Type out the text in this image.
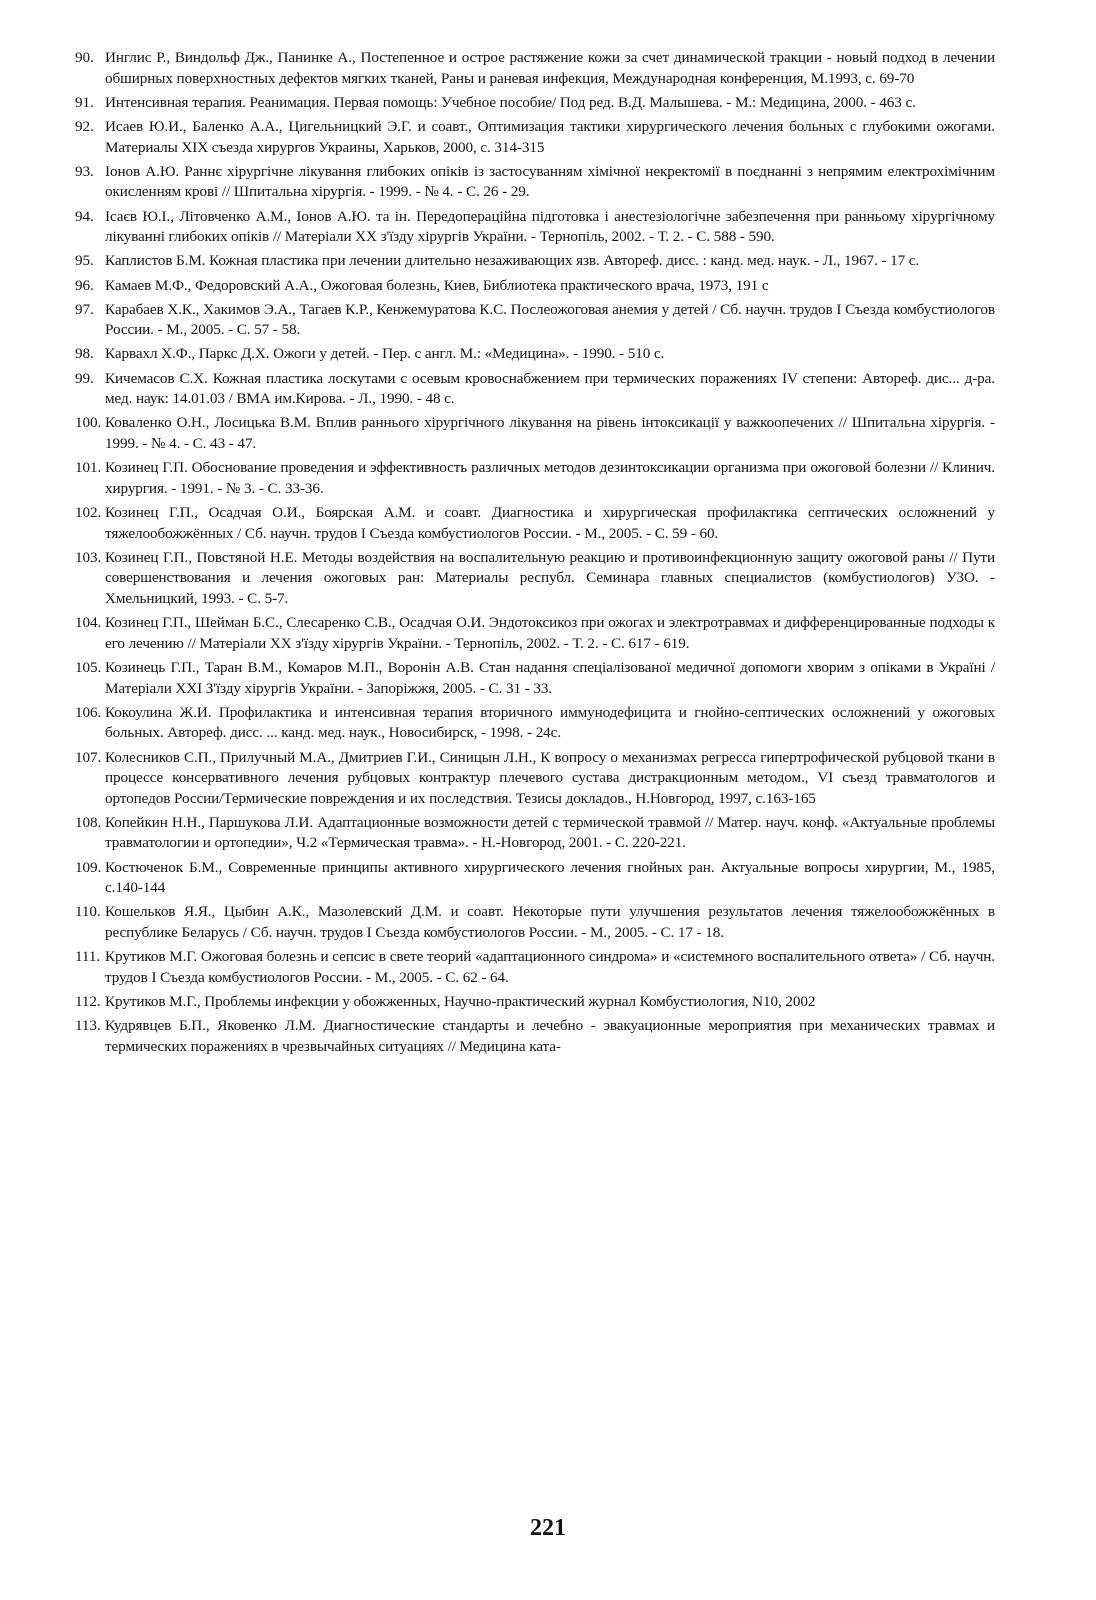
90. Инглис Р., Виндольф Дж., Панинке А., Постепенное и острое растяжение кожи за счет динамической тракции - новый подход в лечении обширных поверхностных дефектов мягких тканей, Раны и раневая инфекция, Международная конференция, М.1993, с. 69-70
91. Интенсивная терапия. Реанимация. Первая помощь: Учебное пособие/ Под ред. В.Д. Малышева. - М.: Медицина, 2000. - 463 с.
92. Исаев Ю.И., Баленко А.А., Цигельницкий Э.Г. и соавт., Оптимизация тактики хирургического лечения больных с глубокими ожогами. Материалы XIX съезда хирургов Украины, Харьков, 2000, с. 314-315
93. Іонов А.Ю. Раннє хірургічне лікування глибоких опіків із застосуванням хімічної некректомії в поєднанні з непрямим електрохімічним окисленням крові // Шпитальна хірургія. - 1999. - № 4. - С. 26 - 29.
94. Ісаєв Ю.І., Літовченко А.М., Іонов А.Ю. та ін. Передопераційна підготовка і анестезіологічне забезпечення при ранньому хірургічному лікуванні глибоких опіків // Матеріали ХХ з'їзду хірургів України. - Тернопіль, 2002. - Т. 2. - С. 588 - 590.
95. Каплистов Б.М. Кожная пластика при лечении длительно незаживающих язв. Автореф. дисс. : канд. мед. наук. - Л., 1967. - 17 с.
96. Камаев М.Ф., Федоровский А.А., Ожоговая болезнь, Киев, Библиотека практического врача, 1973, 191 с
97. Карабаев Х.К., Хакимов Э.А., Тагаев К.Р., Кенжемуратова К.С. Послеожоговая анемия у детей / Сб. научн. трудов I Съезда комбустиологов России. - М., 2005. - С. 57 - 58.
98. Карвахл Х.Ф., Паркс Д.Х. Ожоги у детей. - Пер. с англ. М.: «Медицина». - 1990. - 510 с.
99. Кичемасов С.Х. Кожная пластика лоскутами с осевым кровоснабжением при термических поражениях IV степени: Автореф. дис... д-ра. мед. наук: 14.01.03 / ВМА им.Кирова. - Л., 1990. - 48 с.
100. Коваленко О.Н., Лосицька В.М. Вплив раннього хірургічного лікування на рівень інтоксикації у важкоопечених // Шпитальна хірургія. - 1999. - № 4. - С. 43 - 47.
101. Козинец Г.П. Обоснование проведения и эффективность различных методов дезинтоксикации организма при ожоговой болезни // Клинич. хирургия. - 1991. - № 3. - С. 33-36.
102. Козинец Г.П., Осадчая О.И., Боярская А.М. и соавт. Диагностика и хирургическая профилактика септических осложнений у тяжелообожжённых / Сб. научн. трудов I Съезда комбустиологов России. - М., 2005. - С. 59 - 60.
103. Козинец Г.П., Повстяной Н.Е. Методы воздействия на воспалительную реакцию и противоинфекционную защиту ожоговой раны // Пути совершенствования и лечения ожоговых ран: Материалы республ. Семинара главных специалистов (комбустиологов) УЗО. - Хмельницкий, 1993. - С. 5-7.
104. Козинец Г.П., Шейман Б.С., Слесаренко С.В., Осадчая О.И. Эндотоксикоз при ожогах и электротравмах и дифференцированные подходы к его лечению // Матеріали ХХ з'їзду хірургів України. - Тернопіль, 2002. - Т. 2. - С. 617 - 619.
105. Козинець Г.П., Таран В.М., Комаров М.П., Воронін А.В. Стан надання спеціалізованої медичної допомоги хворим з опіками в Україні / Матеріали XXI З'їзду хірургів України. - Запоріжжя, 2005. - С. 31 - 33.
106. Кокоулина Ж.И. Профилактика и интенсивная терапия вторичного иммунодефицита и гнойно-септических осложнений у ожоговых больных. Автореф. дисс. ... канд. мед. наук., Новосибирск, - 1998. - 24с.
107. Колесников С.П., Прилучный М.А., Дмитриев Г.И., Синицын Л.Н., К вопросу о механизмах регресса гипертрофической рубцовой ткани в процессе консервативного лечения рубцовых контрактур плечевого сустава дистракционным методом., VI съезд травматологов и ортопедов России/Термические повреждения и их последствия. Тезисы докладов., Н.Новгород, 1997, с.163-165
108. Копейкин Н.Н., Паршукова Л.И. Адаптационные возможности детей с термической травмой // Матер. науч. конф. «Актуальные проблемы травматологии и ортопедии», Ч.2 «Термическая травма». - Н.-Новгород, 2001. - С. 220-221.
109. Костюченок Б.М., Современные принципы активного хирургического лечения гнойных ран. Актуальные вопросы хирургии, М., 1985, с.140-144
110. Кошельков Я.Я., Цыбин А.К., Мазолевский Д.М. и соавт. Некоторые пути улучшения результатов лечения тяжелообожжённых в республике Беларусь / Сб. научн. трудов I Съезда комбустиологов России. - М., 2005. - С. 17 - 18.
111. Крутиков М.Г. Ожоговая болезнь и сепсис в свете теорий «адаптационного синдрома» и «системного воспалительного ответа» / Сб. научн. трудов I Съезда комбустиологов России. - М., 2005. - С. 62 - 64.
112. Крутиков М.Г., Проблемы инфекции у обожженных, Научно-практический журнал Комбустиология, N10, 2002
113. Кудрявцев Б.П., Яковенко Л.М. Диагностические стандарты и лечебно - эвакуационные мероприятия при механических травмах и термических поражениях в чрезвычайных ситуациях // Медицина ката-
221
